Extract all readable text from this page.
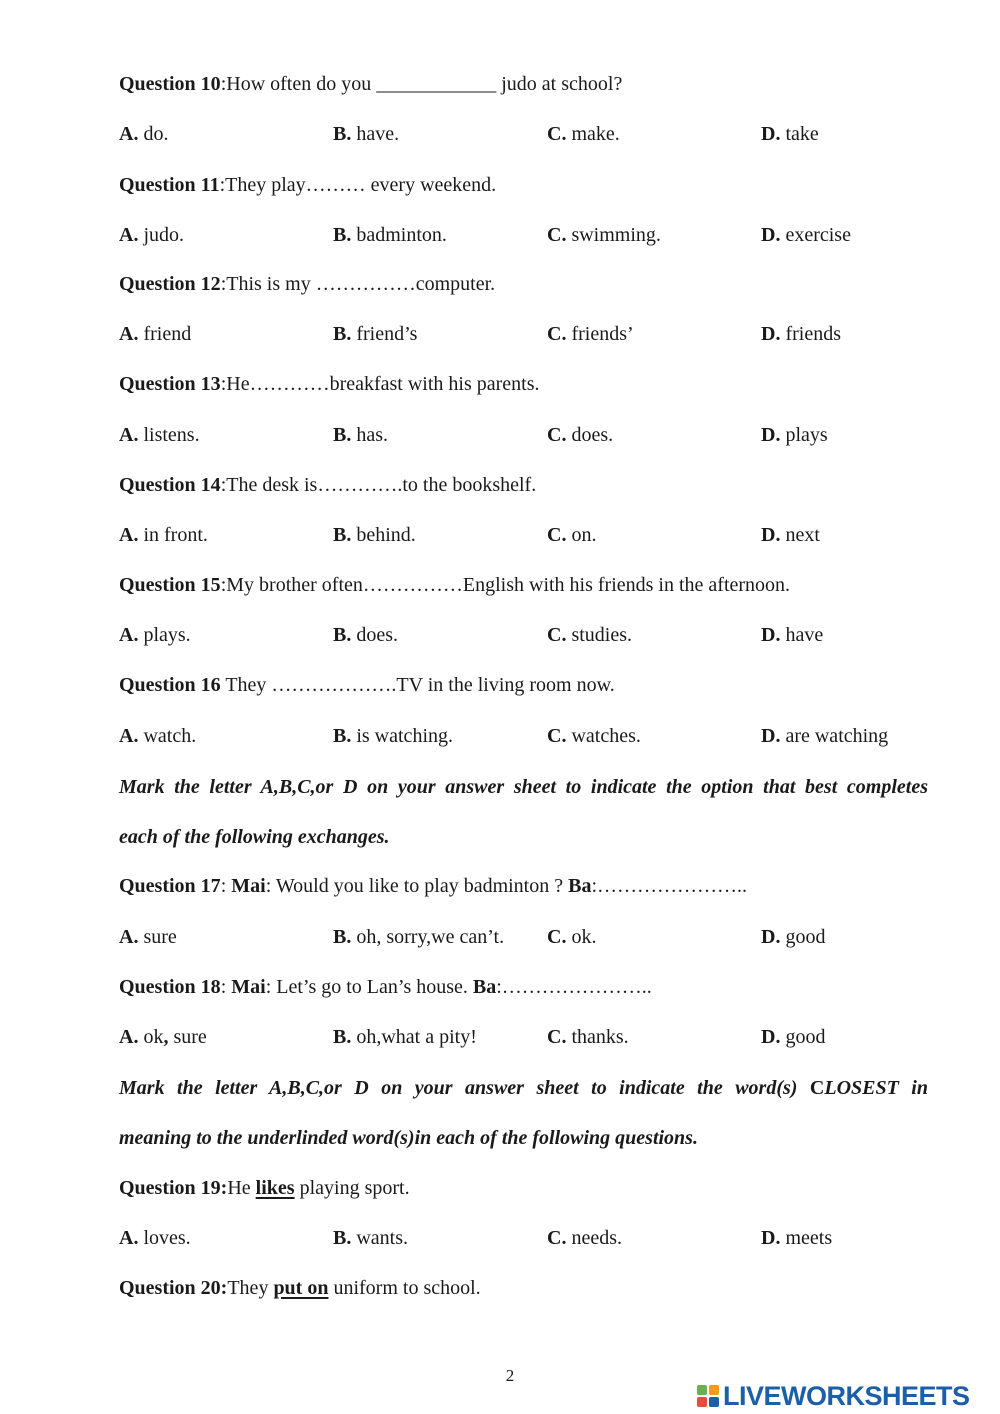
Question 10:How often do you ____________ judo at school?
A. do.	B. have.	C. make.	D. take
Question 11:They play……… every weekend.
A. judo.	B. badminton.	C. swimming.	D. exercise
Question 12:This is my ……………computer.
A. friend	B. friend’s	C. friends’	D. friends
Question 13:He…………breakfast with his parents.
A. listens.	B. has.	C. does.	D. plays
Question 14:The desk is………….to the bookshelf.
A. in front.	B. behind.	C. on.	D. next
Question 15:My brother often……………English with his friends in the afternoon.
A. plays.	B. does.	C. studies.	D. have
Question 16 They ……………….TV in the living room now.
A. watch.	B. is watching.	C. watches.	D. are watching
Mark the letter A,B,C,or D on your answer sheet to indicate the option that best completes
each of the following exchanges.
Question 17: Mai: Would you like to play badminton ? Ba:…………………..
A. sure	B. oh, sorry,we can’t. C. ok.	D. good
Question 18: Mai: Let’s go to Lan’s house. Ba:…………………..
A. ok, sure	B. oh,what a pity!	C. thanks.	D. good
Mark the letter A,B,C,or D on your answer sheet to indicate the word(s) CLOSEST in
meaning to the underlinded word(s)in each of the following questions.
Question 19:He likes playing sport.
A. loves.	B. wants.	C. needs.	D. meets
Question 20:They put on uniform to school.
2
LIVEWORKSHEETS
